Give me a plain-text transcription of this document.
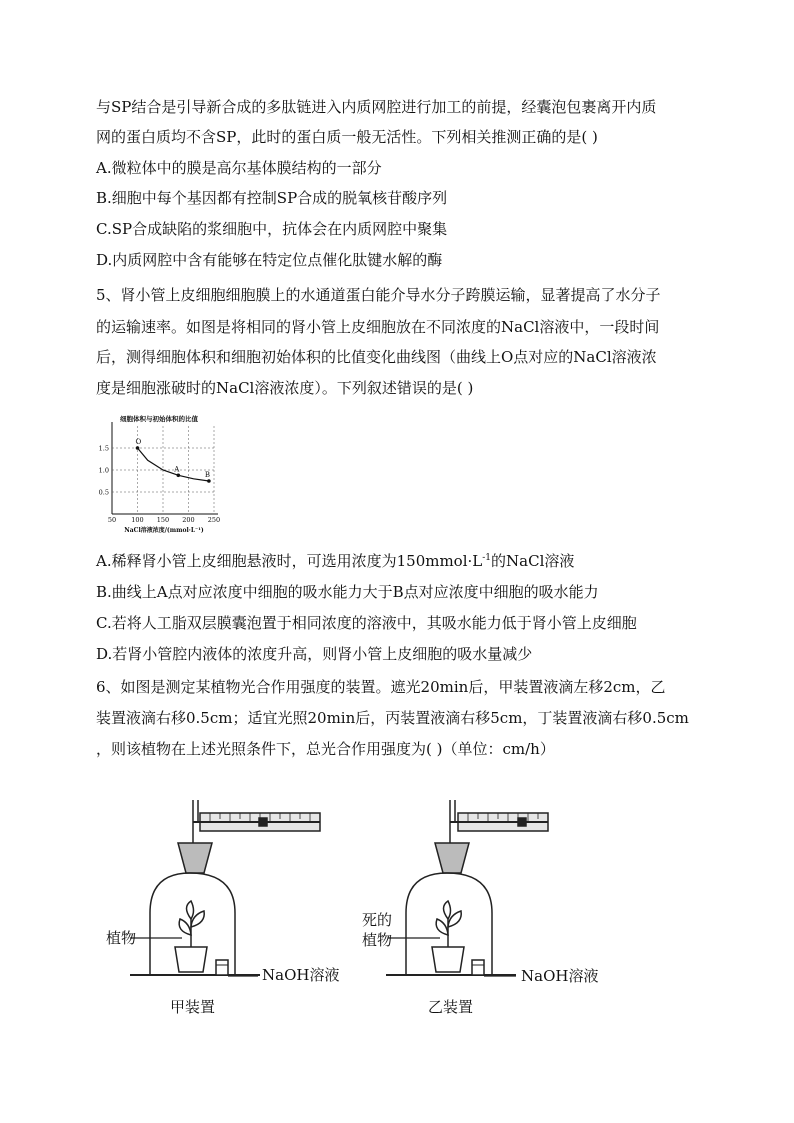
与SP结合是引导新合成的多肽链进入内质网腔进行加工的前提，经囊泡包裹离开内质
网的蛋白质均不含SP，此时的蛋白质一般无活性。下列相关推测正确的是( )
A.微粒体中的膜是高尔基体膜结构的一部分
B.细胞中每个基因都有控制SP合成的脱氧核苷酸序列
C.SP合成缺陷的浆细胞中，抗体会在内质网腔中聚集
D.内质网腔中含有能够在特定位点催化肽键水解的酶
5、肾小管上皮细胞细胞膜上的水通道蛋白能介导水分子跨膜运输，显著提高了水分子
的运输速率。如图是将相同的肾小管上皮细胞放在不同浓度的NaCl溶液中，一段时间
后，测得细胞体积和细胞初始体积的比值变化曲线图（曲线上O点对应的NaCl溶液浓
度是细胞涨破时的NaCl溶液浓度）。下列叙述错误的是( )
细胞体积与初始体积的比值
0.5
1.0
1.5
50 100 150 200 250
NaCl溶液浓度/(mmol·L⁻¹)
O
A
B
A.稀释肾小管上皮细胞悬液时，可选用浓度为$150mmol\cdot L^{-1}$的NaCl溶液
B.曲线上A点对应浓度中细胞的吸水能力大于B点对应浓度中细胞的吸水能力
C.若将人工脂双层膜囊泡置于相同浓度的溶液中，其吸水能力低于肾小管上皮细胞
D.若肾小管腔内液体的浓度升高，则肾小管上皮细胞的吸水量减少
6、如图是测定某植物光合作用强度的装置。遮光20min后，甲装置液滴左移2cm，乙
装置液滴右移0.5cm；适宜光照20min后，丙装置液滴右移5cm，丁装置液滴右移0.5cm
，则该植物在上述光照条件下，总光合作用强度为( )（单位：cm/h）
植物
NaOH溶液
甲装置
死的
植物
乙装置
NaOH溶液
